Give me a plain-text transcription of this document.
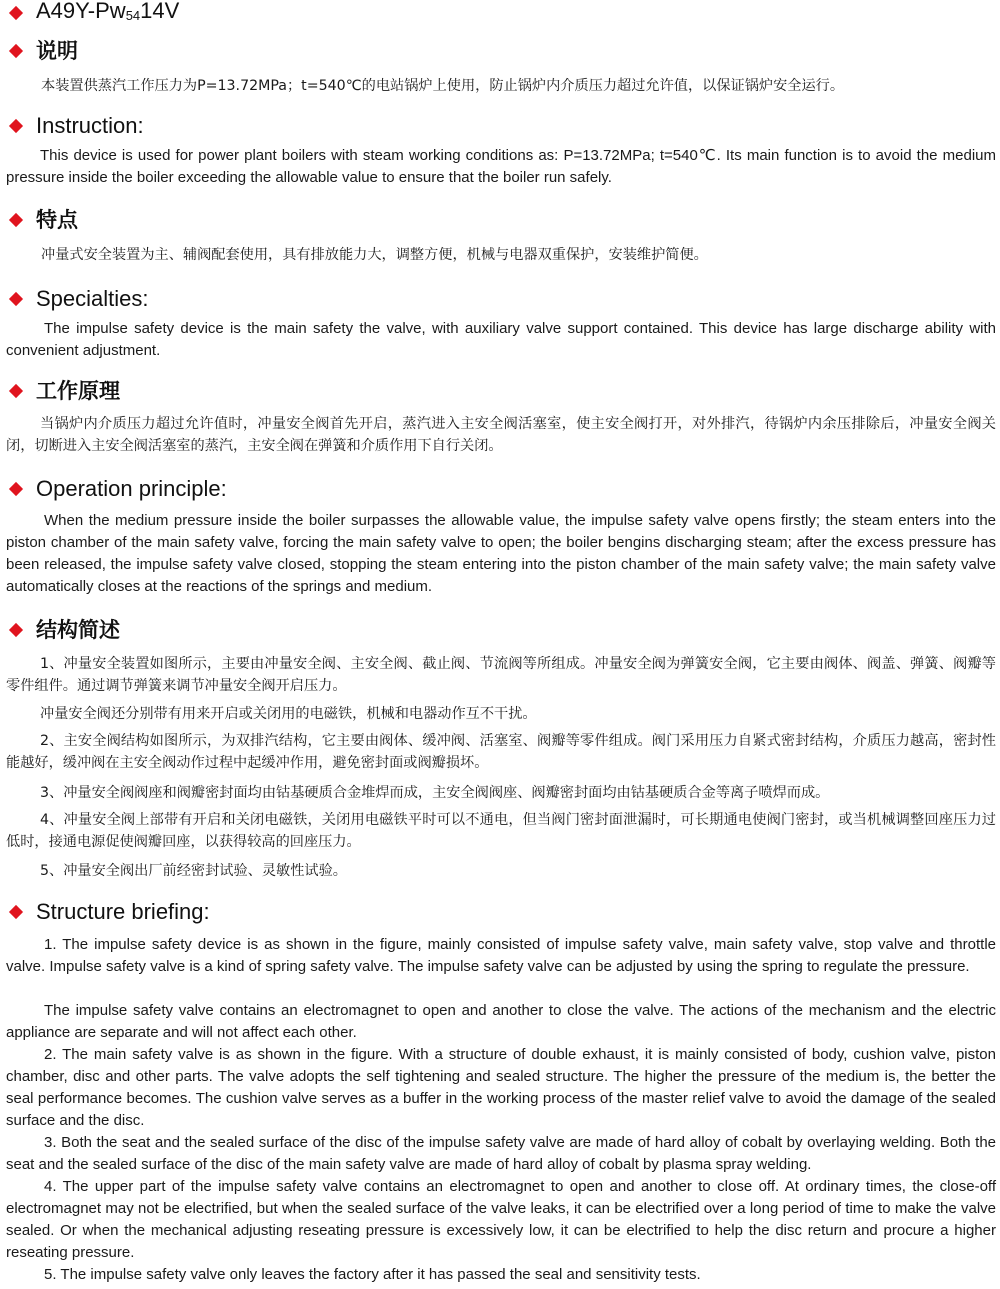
A49Y-Pw5414V
说明

本装置供蒸汽工作压力为P=13.72MPa；t=540℃的电站锅炉上使用，防止锅炉内介质压力超过允许值，以保证锅炉安全运行。

Instruction:

This device is used for power plant boilers with steam working conditions as: P=13.72MPa; t=540℃. Its main function is to avoid the medium pressure inside the boiler exceeding the allowable value to ensure that the boiler run safely.

特点

冲量式安全装置为主、辅阀配套使用，具有排放能力大，调整方便，机械与电器双重保护，安装维护简便。

Specialties:

The impulse safety device is the main safety the valve, with auxiliary valve support contained. This device has large discharge ability with convenient adjustment.

工作原理

当锅炉内介质压力超过允许值时，冲量安全阀首先开启，蒸汽进入主安全阀活塞室，使主安全阀打开，对外排汽，待锅炉内余压排除后，冲量安全阀关闭，切断进入主安全阀活塞室的蒸汽，主安全阀在弹簧和介质作用下自行关闭。

Operation principle:

When the medium pressure inside the boiler surpasses the allowable value, the impulse safety valve opens firstly; the steam enters into the piston chamber of the main safety valve, forcing the main safety valve to open; the boiler bengins discharging steam; after the excess pressure has been released, the impulse safety valve closed, stopping the steam entering into the piston chamber of the main safety valve; the main safety valve automatically closes at the reactions of the springs and medium.

结构简述

1、冲量安全装置如图所示，主要由冲量安全阀、主安全阀、截止阀、节流阀等所组成。冲量安全阀为弹簧安全阀，它主要由阀体、阀盖、弹簧、阀瓣等零件组件。通过调节弹簧来调节冲量安全阀开启压力。

冲量安全阀还分别带有用来开启或关闭用的电磁铁，机械和电器动作互不干扰。

2、主安全阀结构如图所示，为双排汽结构，它主要由阀体、缓冲阀、活塞室、阀瓣等零件组成。阀门采用压力自紧式密封结构，介质压力越高，密封性能越好，缓冲阀在主安全阀动作过程中起缓冲作用，避免密封面或阀瓣损坏。

3、冲量安全阀阀座和阀瓣密封面均由钴基硬质合金堆焊而成，主安全阀阀座、阀瓣密封面均由钴基硬质合金等离子喷焊而成。

4、冲量安全阀上部带有开启和关闭电磁铁，关闭用电磁铁平时可以不通电，但当阀门密封面泄漏时，可长期通电使阀门密封，或当机械调整回座压力过低时，接通电源促使阀瓣回座，以获得较高的回座压力。

5、冲量安全阀出厂前经密封试验、灵敏性试验。

Structure briefing:

1. The impulse safety device is as shown in the figure, mainly consisted of impulse safety valve, main safety valve, stop valve and throttle valve. Impulse safety valve is a kind of spring safety valve. The impulse safety valve can be adjusted by using the spring to regulate the pressure.

The impulse safety valve contains an electromagnet to open and another to close the valve. The actions of the mechanism and the electric appliance are separate and will not affect each other.

2. The main safety valve is as shown in the figure. With a structure of double exhaust, it is mainly consisted of body, cushion valve, piston chamber, disc and other parts. The valve adopts the self tightening and sealed structure. The higher the pressure of the medium is, the better the seal performance becomes. The cushion valve serves as a buffer in the working process of the master relief valve to avoid the damage of the sealed surface and the disc.

3. Both the seat and the sealed surface of the disc of the impulse safety valve are made of hard alloy of cobalt by overlaying welding. Both the seat and the sealed surface of the disc of the main safety valve are made of hard alloy of cobalt by plasma spray welding.

4. The upper part of the impulse safety valve contains an electromagnet to open and another to close off. At ordinary times, the close-off electromagnet may not be electrified, but when the sealed surface of the valve leaks, it can be electrified over a long period of time to make the valve sealed. Or when the mechanical adjusting reseating pressure is excessively low, it can be electrified to help the disc return and procure a higher reseating pressure.

5. The impulse safety valve only leaves the factory after it has passed the seal and sensitivity tests.
